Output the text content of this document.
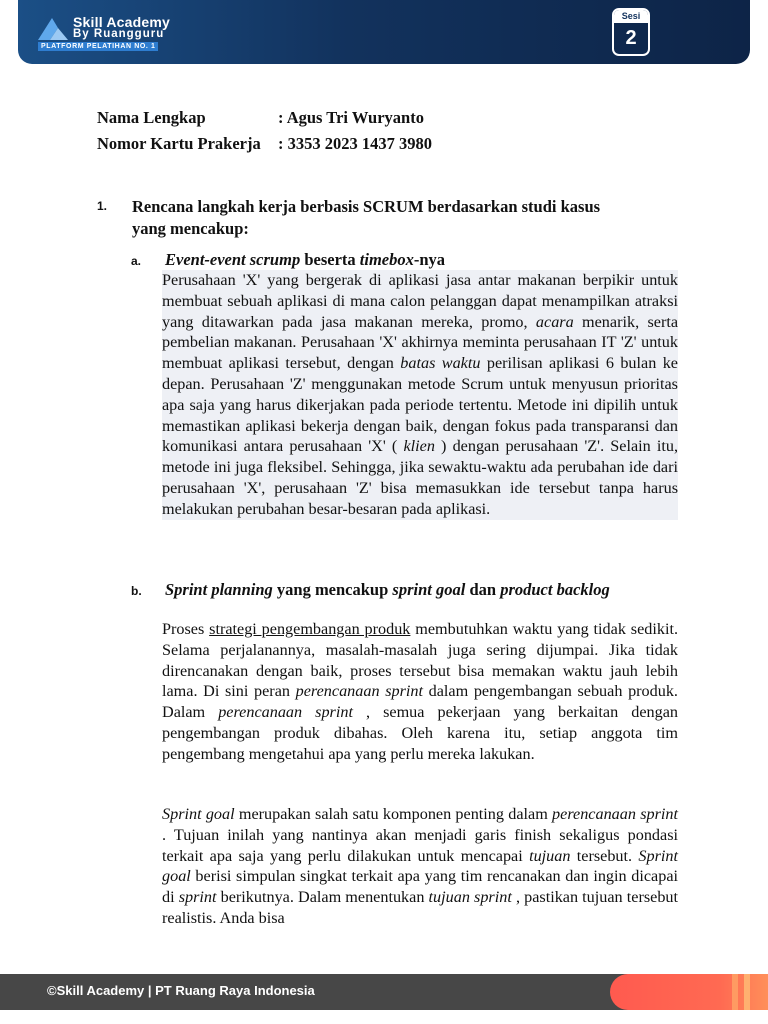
Skill Academy
By Ruangguru
PLATFORM PELATIHAN NO. 1
Sesi
2
Nama Lengkap	: Agus Tri Wuryanto
Nomor Kartu Prakerja : 3353 2023 1437 3980
1. Rencana langkah kerja berbasis SCRUM berdasarkan studi kasus
yang mencakup:
a. Event-event scrump beserta timebox-nya
Perusahaan 'X' yang bergerak di aplikasi jasa antar makanan berpikir untuk membuat sebuah aplikasi di mana calon pelanggan dapat menampilkan atraksi yang ditawarkan pada jasa makanan mereka, promo, acara menarik, serta pembelian makanan. Perusahaan 'X' akhirnya meminta perusahaan IT 'Z' untuk membuat aplikasi tersebut, dengan batas waktu perilisan aplikasi 6 bulan ke depan. Perusahaan 'Z' menggunakan metode Scrum untuk menyusun prioritas apa saja yang harus dikerjakan pada periode tertentu. Metode ini dipilih untuk memastikan aplikasi bekerja dengan baik, dengan fokus pada transparansi dan komunikasi antara perusahaan 'X' ( klien ) dengan perusahaan 'Z'. Selain itu, metode ini juga fleksibel. Sehingga, jika sewaktu-waktu ada perubahan ide dari perusahaan 'X', perusahaan 'Z' bisa memasukkan ide tersebut tanpa harus melakukan perubahan besar-besaran pada aplikasi.
b. Sprint planning yang mencakup sprint goal dan product backlog
Proses strategi pengembangan produk membutuhkan waktu yang tidak sedikit. Selama perjalanannya, masalah-masalah juga sering dijumpai. Jika tidak direncanakan dengan baik, proses tersebut bisa memakan waktu jauh lebih lama. Di sini peran perencanaan sprint dalam pengembangan sebuah produk. Dalam perencanaan sprint , semua pekerjaan yang berkaitan dengan pengembangan produk dibahas. Oleh karena itu, setiap anggota tim pengembang mengetahui apa yang perlu mereka lakukan.
Sprint goal merupakan salah satu komponen penting dalam perencanaan sprint . Tujuan inilah yang nantinya akan menjadi garis finish sekaligus pondasi terkait apa saja yang perlu dilakukan untuk mencapai tujuan tersebut. Sprint goal berisi simpulan singkat terkait apa yang tim rencanakan dan ingin dicapai di sprint berikutnya. Dalam menentukan tujuan sprint , pastikan tujuan tersebut realistis. Anda bisa
©Skill Academy | PT Ruang Raya Indonesia
